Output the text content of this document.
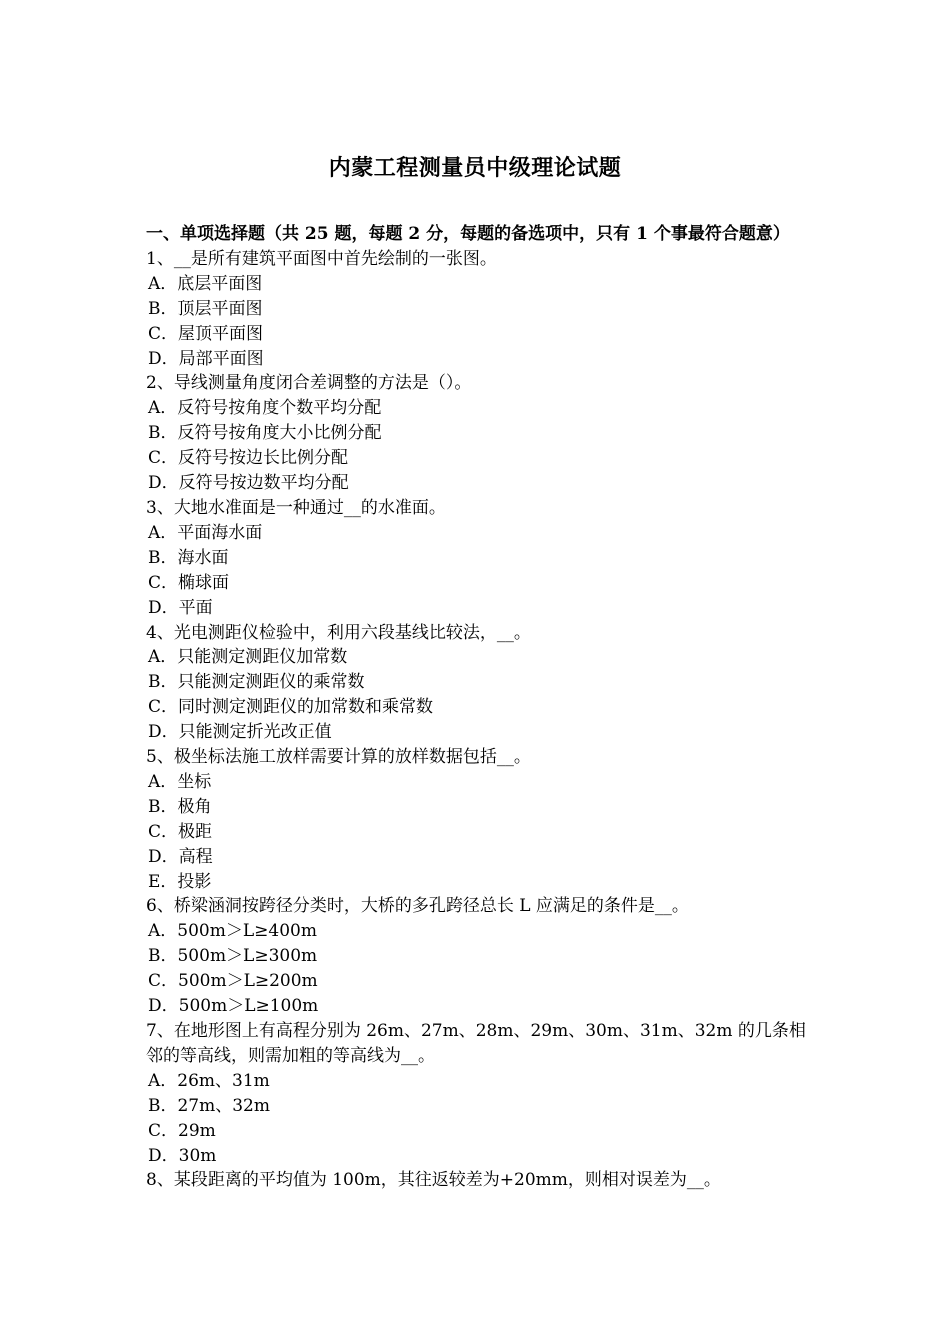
内蒙工程测量员中级理论试题

一、单项选择题（共 25 题，每题 2 分，每题的备选项中，只有 1 个事最符合题意）

1、__是所有建筑平面图中首先绘制的一张图。

A．底层平面图

B．顶层平面图

C．屋顶平面图

D．局部平面图

2、导线测量角度闭合差调整的方法是（）。

A．反符号按角度个数平均分配

B．反符号按角度大小比例分配

C．反符号按边长比例分配

D．反符号按边数平均分配

3、大地水准面是一种通过__的水准面。

A．平面海水面

B．海水面

C．椭球面

D．平面

4、光电测距仪检验中，利用六段基线比较法，__。

A．只能测定测距仪加常数

B．只能测定测距仪的乘常数

C．同时测定测距仪的加常数和乘常数

D．只能测定折光改正值

5、极坐标法施工放样需要计算的放样数据包括__。

A．坐标

B．极角

C．极距

D．高程

E．投影

6、桥梁涵洞按跨径分类时，大桥的多孔跨径总长 L 应满足的条件是__。

A．500m＞L≥400m

B．500m＞L≥300m

C．500m＞L≥200m

D．500m＞L≥100m

7、在地形图上有高程分别为 26m、27m、28m、29m、30m、31m、32m 的几条相邻的等高线，则需加粗的等高线为__。

A．26m、31m

B．27m、32m

C．29m

D．30m

8、某段距离的平均值为 100m，其往返较差为+20mm，则相对误差为__。
